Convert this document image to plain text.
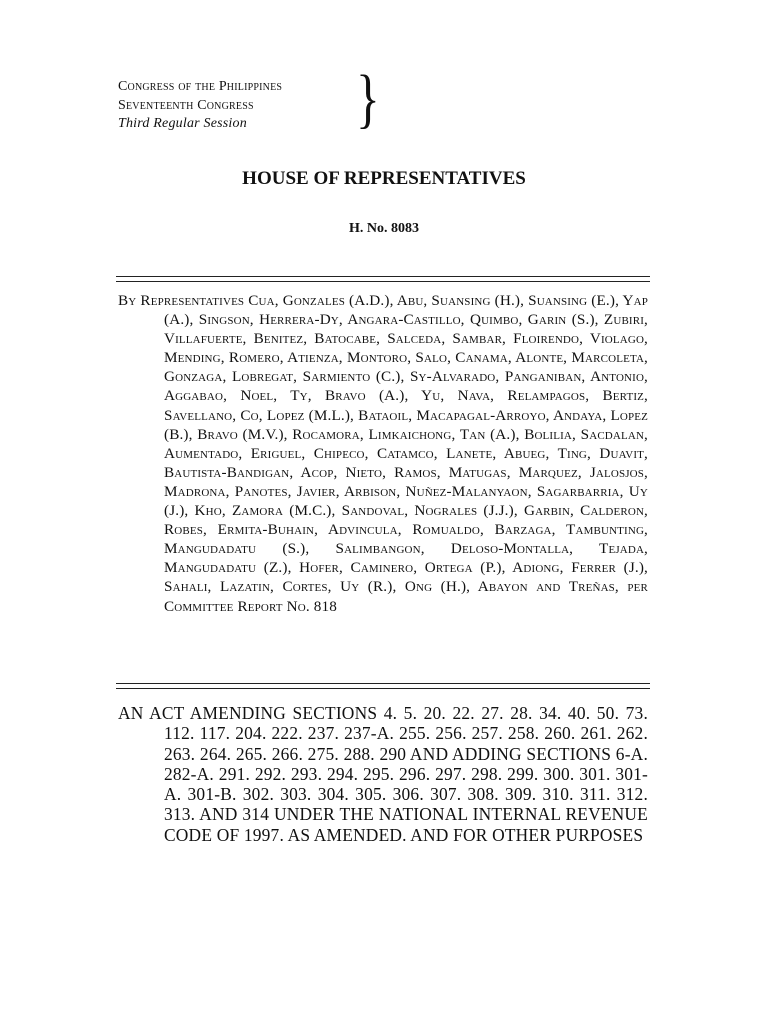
Congress of the Philippines
Seventeenth Congress
Third Regular Session	}
HOUSE OF REPRESENTATIVES
H. No. 8083
By Representatives Cua, Gonzales (A.D.), Abu, Suansing (H.), Suansing (E.), Yap (A.), Singson, Herrera-Dy, Angara-Castillo, Quimbo, Garin (S.), Zubiri, Villafuerte, Benitez, Batocabe, Salceda, Sambar, Floirendo, Violago, Mending, Romero, Atienza, Montoro, Salo, Canama, Alonte, Marcoleta, Gonzaga, Lobregat, Sarmiento (C.), Sy-Alvarado, Panganiban, Antonio, Aggabao, Noel, Ty, Bravo (A.), Yu, Nava, Relampagos, Bertiz, Savellano, Co, Lopez (M.L.), Bataoil, Macapagal-Arroyo, Andaya, Lopez (B.), Bravo (M.V.), Rocamora, Limkaichong, Tan (A.), Bolilia, Sacdalan, Aumentado, Eriguel, Chipeco, Catamco, Lanete, Abueg, Ting, Duavit, Bautista-Bandigan, Acop, Nieto, Ramos, Matugas, Marquez, Jalosjos, Madrona, Panotes, Javier, Arbison, Nuñez-Malanyaon, Sagarbarria, Uy (J.), Kho, Zamora (M.C.), Sandoval, Nograles (J.J.), Garbin, Calderon, Robes, Ermita-Buhain, Advincula, Romualdo, Barzaga, Tambunting, Mangudadatu (S.), Salimbangon, Deloso-Montalla, Tejada, Mangudadatu (Z.), Hofer, Caminero, Ortega (P.), Adiong, Ferrer (J.), Sahali, Lazatin, Cortes, Uy (R.), Ong (H.), Abayon and Treñas, per Committee Report No. 818
AN ACT AMENDING SECTIONS 4. 5. 20. 22. 27. 28. 34. 40. 50. 73. 112. 117. 204. 222. 237. 237-A. 255. 256. 257. 258. 260. 261. 262. 263. 264. 265. 266. 275. 288. 290 AND ADDING SECTIONS 6-A. 282-A. 291. 292. 293. 294. 295. 296. 297. 298. 299. 300. 301. 301-A. 301-B. 302. 303. 304. 305. 306. 307. 308. 309. 310. 311. 312. 313. AND 314 UNDER THE NATIONAL INTERNAL REVENUE CODE OF 1997. AS AMENDED. AND FOR OTHER PURPOSES
